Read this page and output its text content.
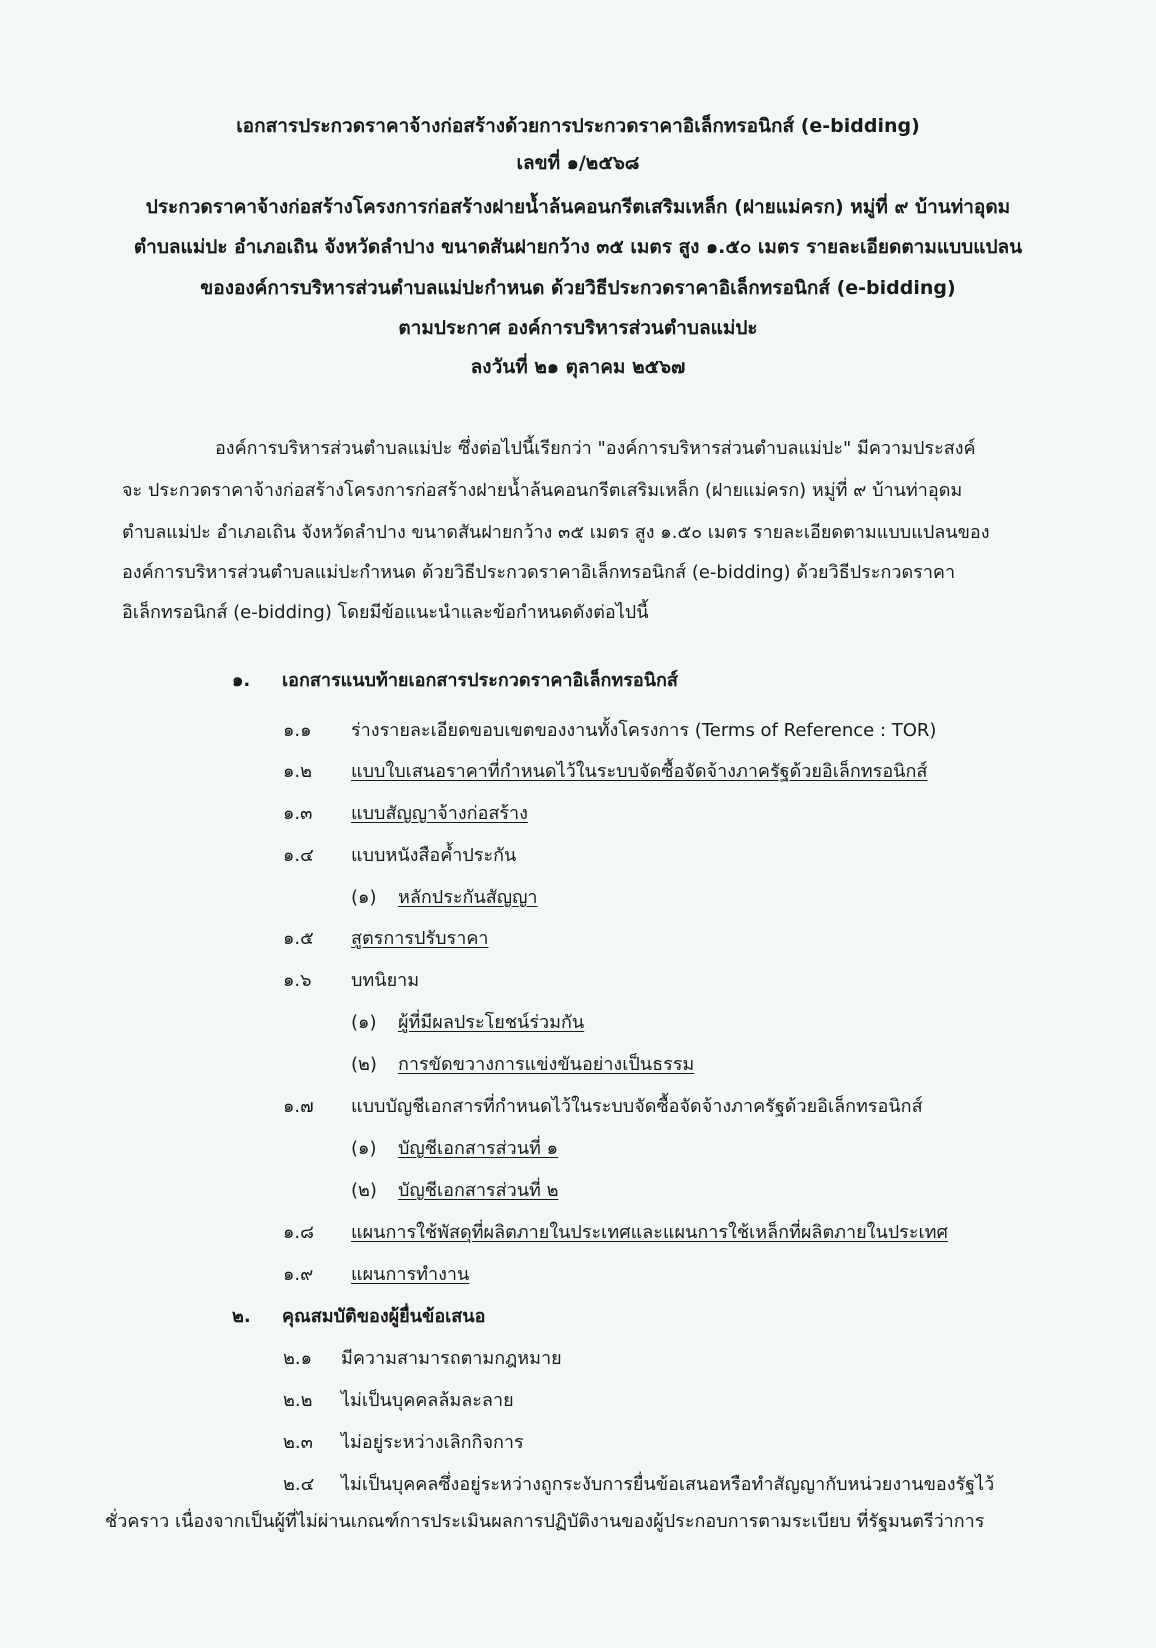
เอกสารประกวดราคาจ้างก่อสร้างด้วยการประกวดราคาอิเล็กทรอนิกส์ (e-bidding)
เลขที่ ๑/๒๕๖๘
ประกวดราคาจ้างก่อสร้างโครงการก่อสร้างฝายน้ำล้นคอนกรีตเสริมเหล็ก (ฝายแม่ครก) หมู่ที่ ๙ บ้านท่าอุดม
ตำบลแม่ปะ อำเภอเถิน จังหวัดลำปาง ขนาดสันฝายกว้าง ๓๕ เมตร สูง ๑.๕๐ เมตร รายละเอียดตามแบบแปลน
ขององค์การบริหารส่วนตำบลแม่ปะกำหนด ด้วยวิธีประกวดราคาอิเล็กทรอนิกส์ (e-bidding)
ตามประกาศ องค์การบริหารส่วนตำบลแม่ปะ
ลงวันที่ ๒๑ ตุลาคม ๒๕๖๗
องค์การบริหารส่วนตำบลแม่ปะ ซึ่งต่อไปนี้เรียกว่า "องค์การบริหารส่วนตำบลแม่ปะ" มีความประสงค์
จะ ประกวดราคาจ้างก่อสร้างโครงการก่อสร้างฝายน้ำล้นคอนกรีตเสริมเหล็ก (ฝายแม่ครก) หมู่ที่ ๙ บ้านท่าอุดม
ตำบลแม่ปะ อำเภอเถิน จังหวัดลำปาง ขนาดสันฝายกว้าง ๓๕ เมตร สูง ๑.๕๐ เมตร รายละเอียดตามแบบแปลนของ
องค์การบริหารส่วนตำบลแม่ปะกำหนด ด้วยวิธีประกวดราคาอิเล็กทรอนิกส์ (e-bidding) ด้วยวิธีประกวดราคา
อิเล็กทรอนิกส์ (e-bidding) โดยมีข้อแนะนำและข้อกำหนดดังต่อไปนี้
๑. เอกสารแนบท้ายเอกสารประกวดราคาอิเล็กทรอนิกส์
๑.๑ ร่างรายละเอียดขอบเขตของงานทั้งโครงการ (Terms of Reference : TOR)
๑.๒ แบบใบเสนอราคาที่กำหนดไว้ในระบบจัดซื้อจัดจ้างภาครัฐด้วยอิเล็กทรอนิกส์
๑.๓ แบบสัญญาจ้างก่อสร้าง
๑.๔ แบบหนังสือค้ำประกัน
(๑) หลักประกันสัญญา
๑.๕ สูตรการปรับราคา
๑.๖ บทนิยาม
(๑) ผู้ที่มีผลประโยชน์ร่วมกัน
(๒) การขัดขวางการแข่งขันอย่างเป็นธรรม
๑.๗ แบบบัญชีเอกสารที่กำหนดไว้ในระบบจัดซื้อจัดจ้างภาครัฐด้วยอิเล็กทรอนิกส์
(๑) บัญชีเอกสารส่วนที่ ๑
(๒) บัญชีเอกสารส่วนที่ ๒
๑.๘ แผนการใช้พัสดุที่ผลิตภายในประเทศและแผนการใช้เหล็กที่ผลิตภายในประเทศ
๑.๙ แผนการทำงาน
๒. คุณสมบัติของผู้ยื่นข้อเสนอ
๒.๑ มีความสามารถตามกฎหมาย
๒.๒ ไม่เป็นบุคคลล้มละลาย
๒.๓ ไม่อยู่ระหว่างเลิกกิจการ
๒.๔ ไม่เป็นบุคคลซึ่งอยู่ระหว่างถูกระงับการยื่นข้อเสนอหรือทำสัญญากับหน่วยงานของรัฐไว้
ชั่วคราว เนื่องจากเป็นผู้ที่ไม่ผ่านเกณฑ์การประเมินผลการปฏิบัติงานของผู้ประกอบการตามระเบียบ ที่รัฐมนตรีว่าการ
